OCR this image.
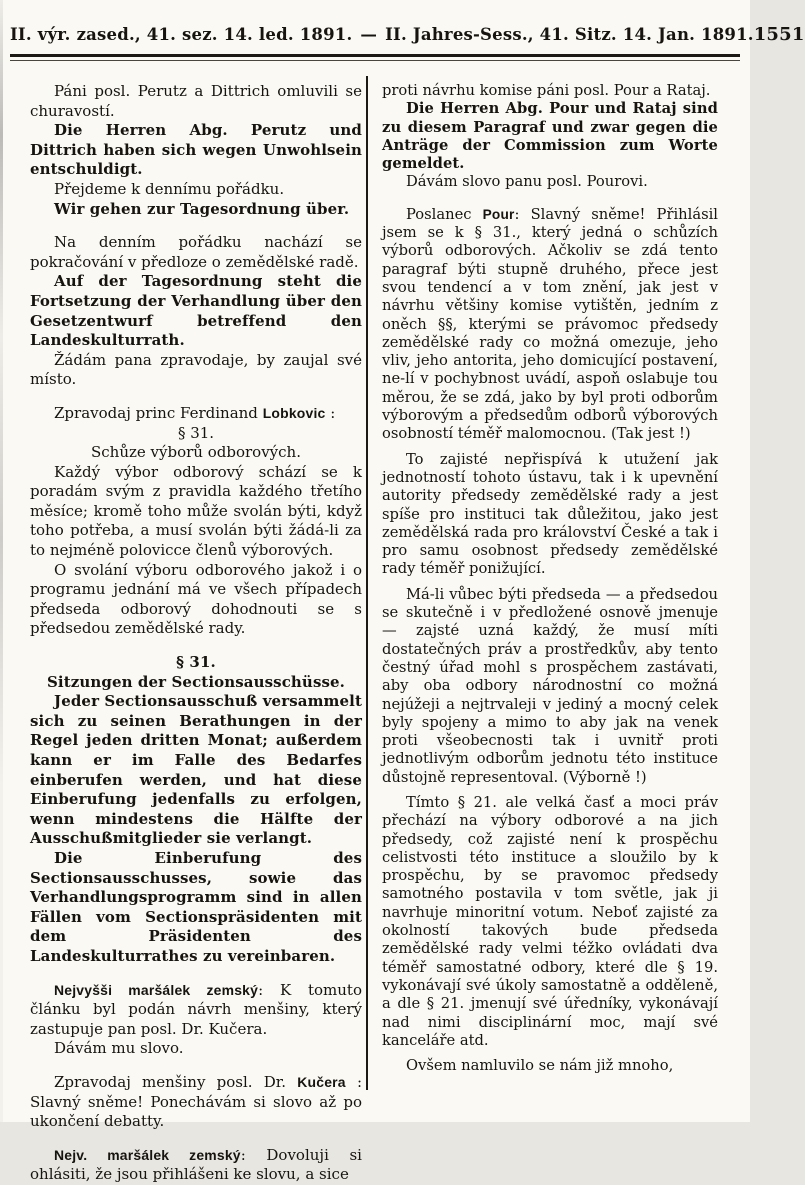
II. výr. zased., 41. sez. 14. led. 1891. — II. Jahres-Sess., 41. Sitz. 14. Jan. 1891. 1551

Páni posl. Perutz a Dittrich omluvili se churavostí.

Die Herren Abg. Perutz und Dittrich haben sich wegen Unwohlsein entschuldigt.

Přejdeme k dennímu pořádku.

Wir gehen zur Tagesordnung über.

Na denním pořádku nachází se pokračování v předloze o zemědělské radě.

Auf der Tagesordnung steht die Fortsetzung der Verhandlung über den Gesetzentwurf betreffend den Landeskulturrath.

Žádám pana zpravodaje, by zaujal své místo.

Zpravodaj princ Ferdinand Lobkovic :

§ 31.

Schůze výborů odborových.

Každý výbor odborový schází se k poradám svým z pravidla každého třetího měsíce; kromě toho může svolán býti, když toho potřeba, a musí svolán býti žádá-li za to nejméně polovicce členů výborových.

O svolání výboru odborového jakož i o programu jednání má ve všech případech předseda odborový dohodnouti se s předsedou zemědělské rady.

§ 31.

Sitzungen der Sectionsausschüsse.

Jeder Sectionsausschuß versammelt sich zu seinen Berathungen in der Regel jeden dritten Monat; außerdem kann er im Falle des Bedarfes einberufen werden, und hat diese Einberufung jedenfalls zu erfolgen, wenn mindestens die Hälfte der Ausschußmitglieder sie verlangt.

Die Einberufung des Sectionsausschusses, sowie das Verhandlungsprogramm sind in allen Fällen vom Sectionspräsidenten mit dem Präsidenten des Landeskulturrathes zu vereinbaren.

Nejvyšši maršálek zemský: K tomuto článku byl podán návrh menšiny, který zastupuje pan posl. Dr. Kučera.

Dávám mu slovo.

Zpravodaj menšiny posl. Dr. Kučera : Slavný sněme! Ponechávám si slovo až po ukončení debatty.

Nejv. maršálek zemský: Dovoluji si ohlásiti, že jsou přihlášeni ke slovu, a sice

proti návrhu komise páni posl. Pour a Rataj.

Die Herren Abg. Pour und Rataj sind zu diesem Paragraf und zwar gegen die Anträge der Commission zum Worte gemeldet.

Dávám slovo panu posl. Pourovi.

Poslanec Pour: Slavný sněme! Přihlásil jsem se k § 31., který jedná o schůzích výborů odborových. Ačkoliv se zdá tento paragraf býti stupně druhého, přece jest svou tendencí a v tom znění, jak jest v návrhu většiny komise vytištěn, jedním z oněch §§, kterými se právomoc předsedy zemědělské rady co možná omezuje, jeho vliv, jeho antorita, jeho domicující postavení, ne-lí v pochybnost uvádí, aspoň oslabuje tou měrou, že se zdá, jako by byl proti odborům výborovým a předsedům odborů výborových osobností téměř malomocnou. (Tak jest !)

To zajisté nepřispívá k utužení jak jednotností tohoto ústavu, tak i k upevnění autority předsedy zemědělské rady a jest spíše pro instituci tak důležitou, jako jest zemědělská rada pro království České a tak i pro samu osobnost předsedy zemědělské rady téměř ponižující.

Má-li vůbec býti předseda — a předsedou se skutečně i v předložené osnově jmenuje — zajsté uzná každý, že musí míti dostatečných práv a prostředkův, aby tento čestný úřad mohl s prospěchem zastávati, aby oba odbory národnostní co možná nejúžeji a nejtrvaleji v jediný a mocný celek byly spojeny a mimo to aby jak na venek proti všeobecnosti tak i uvnitř proti jednotlivým odborům jednotu této instituce důstojně representoval. (Výborně !)

Tímto § 21. ale velká časť a moci práv přechází na výbory odborové a na jich předsedy, což zajisté není k prospěchu celistvosti této instituce a sloužilo by k prospěchu, by se pravomoc předsedy samotného postavila v tom světle, jak ji navrhuje minoritní votum. Neboť zajisté za okolností takových bude předseda zemědělské rady velmi téžko ovládati dva téměř samostatné odbory, které dle § 19. vykonávají své úkoly samostatně a odděleně, a dle § 21. jmenují své úředníky, vykonávají nad nimi disciplinární moc, mají své kanceláře atd.

Ovšem namluvilo se nám již mnoho,
